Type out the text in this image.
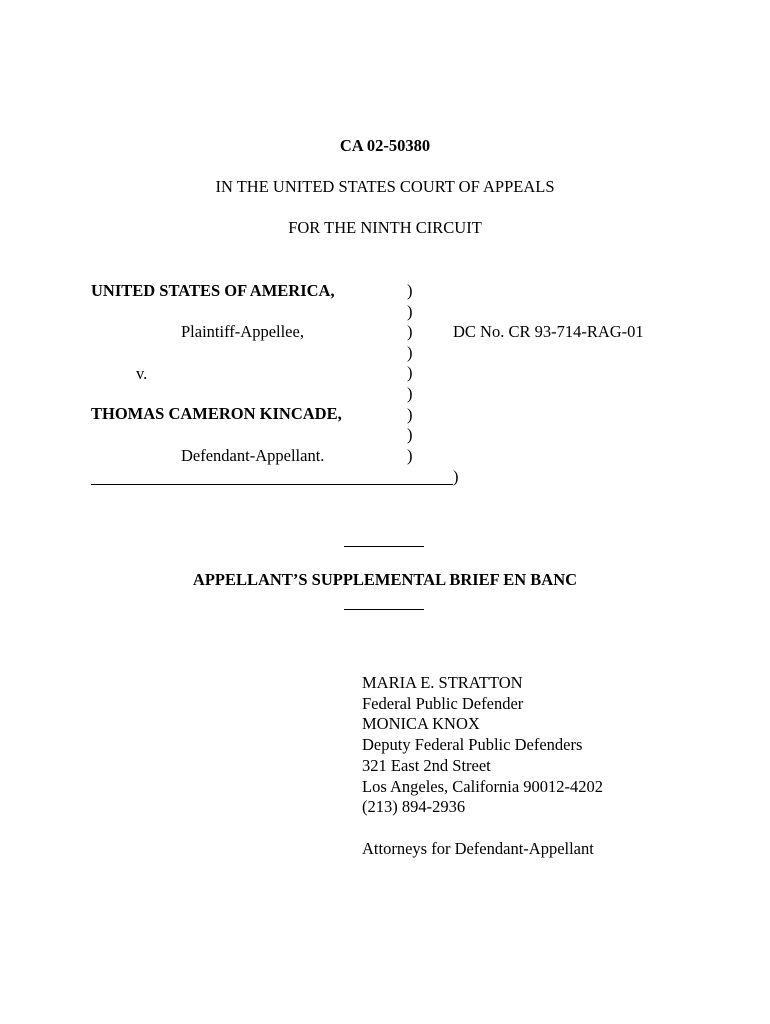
CA 02-50380
IN THE UNITED STATES COURT OF APPEALS
FOR THE NINTH CIRCUIT
UNITED STATES OF AMERICA,
Plaintiff-Appellee,
v.
THOMAS CAMERON KINCADE,
Defendant-Appellant.
)
)
)
)
)
)
)
)
)
)
DC No. CR 93-714-RAG-01
APPELLANT’S SUPPLEMENTAL BRIEF EN BANC
MARIA E. STRATTON
Federal Public Defender
MONICA KNOX
Deputy Federal Public Defenders
321 East 2nd Street
Los Angeles, California 90012-4202
(213) 894-2936
Attorneys for Defendant-Appellant
